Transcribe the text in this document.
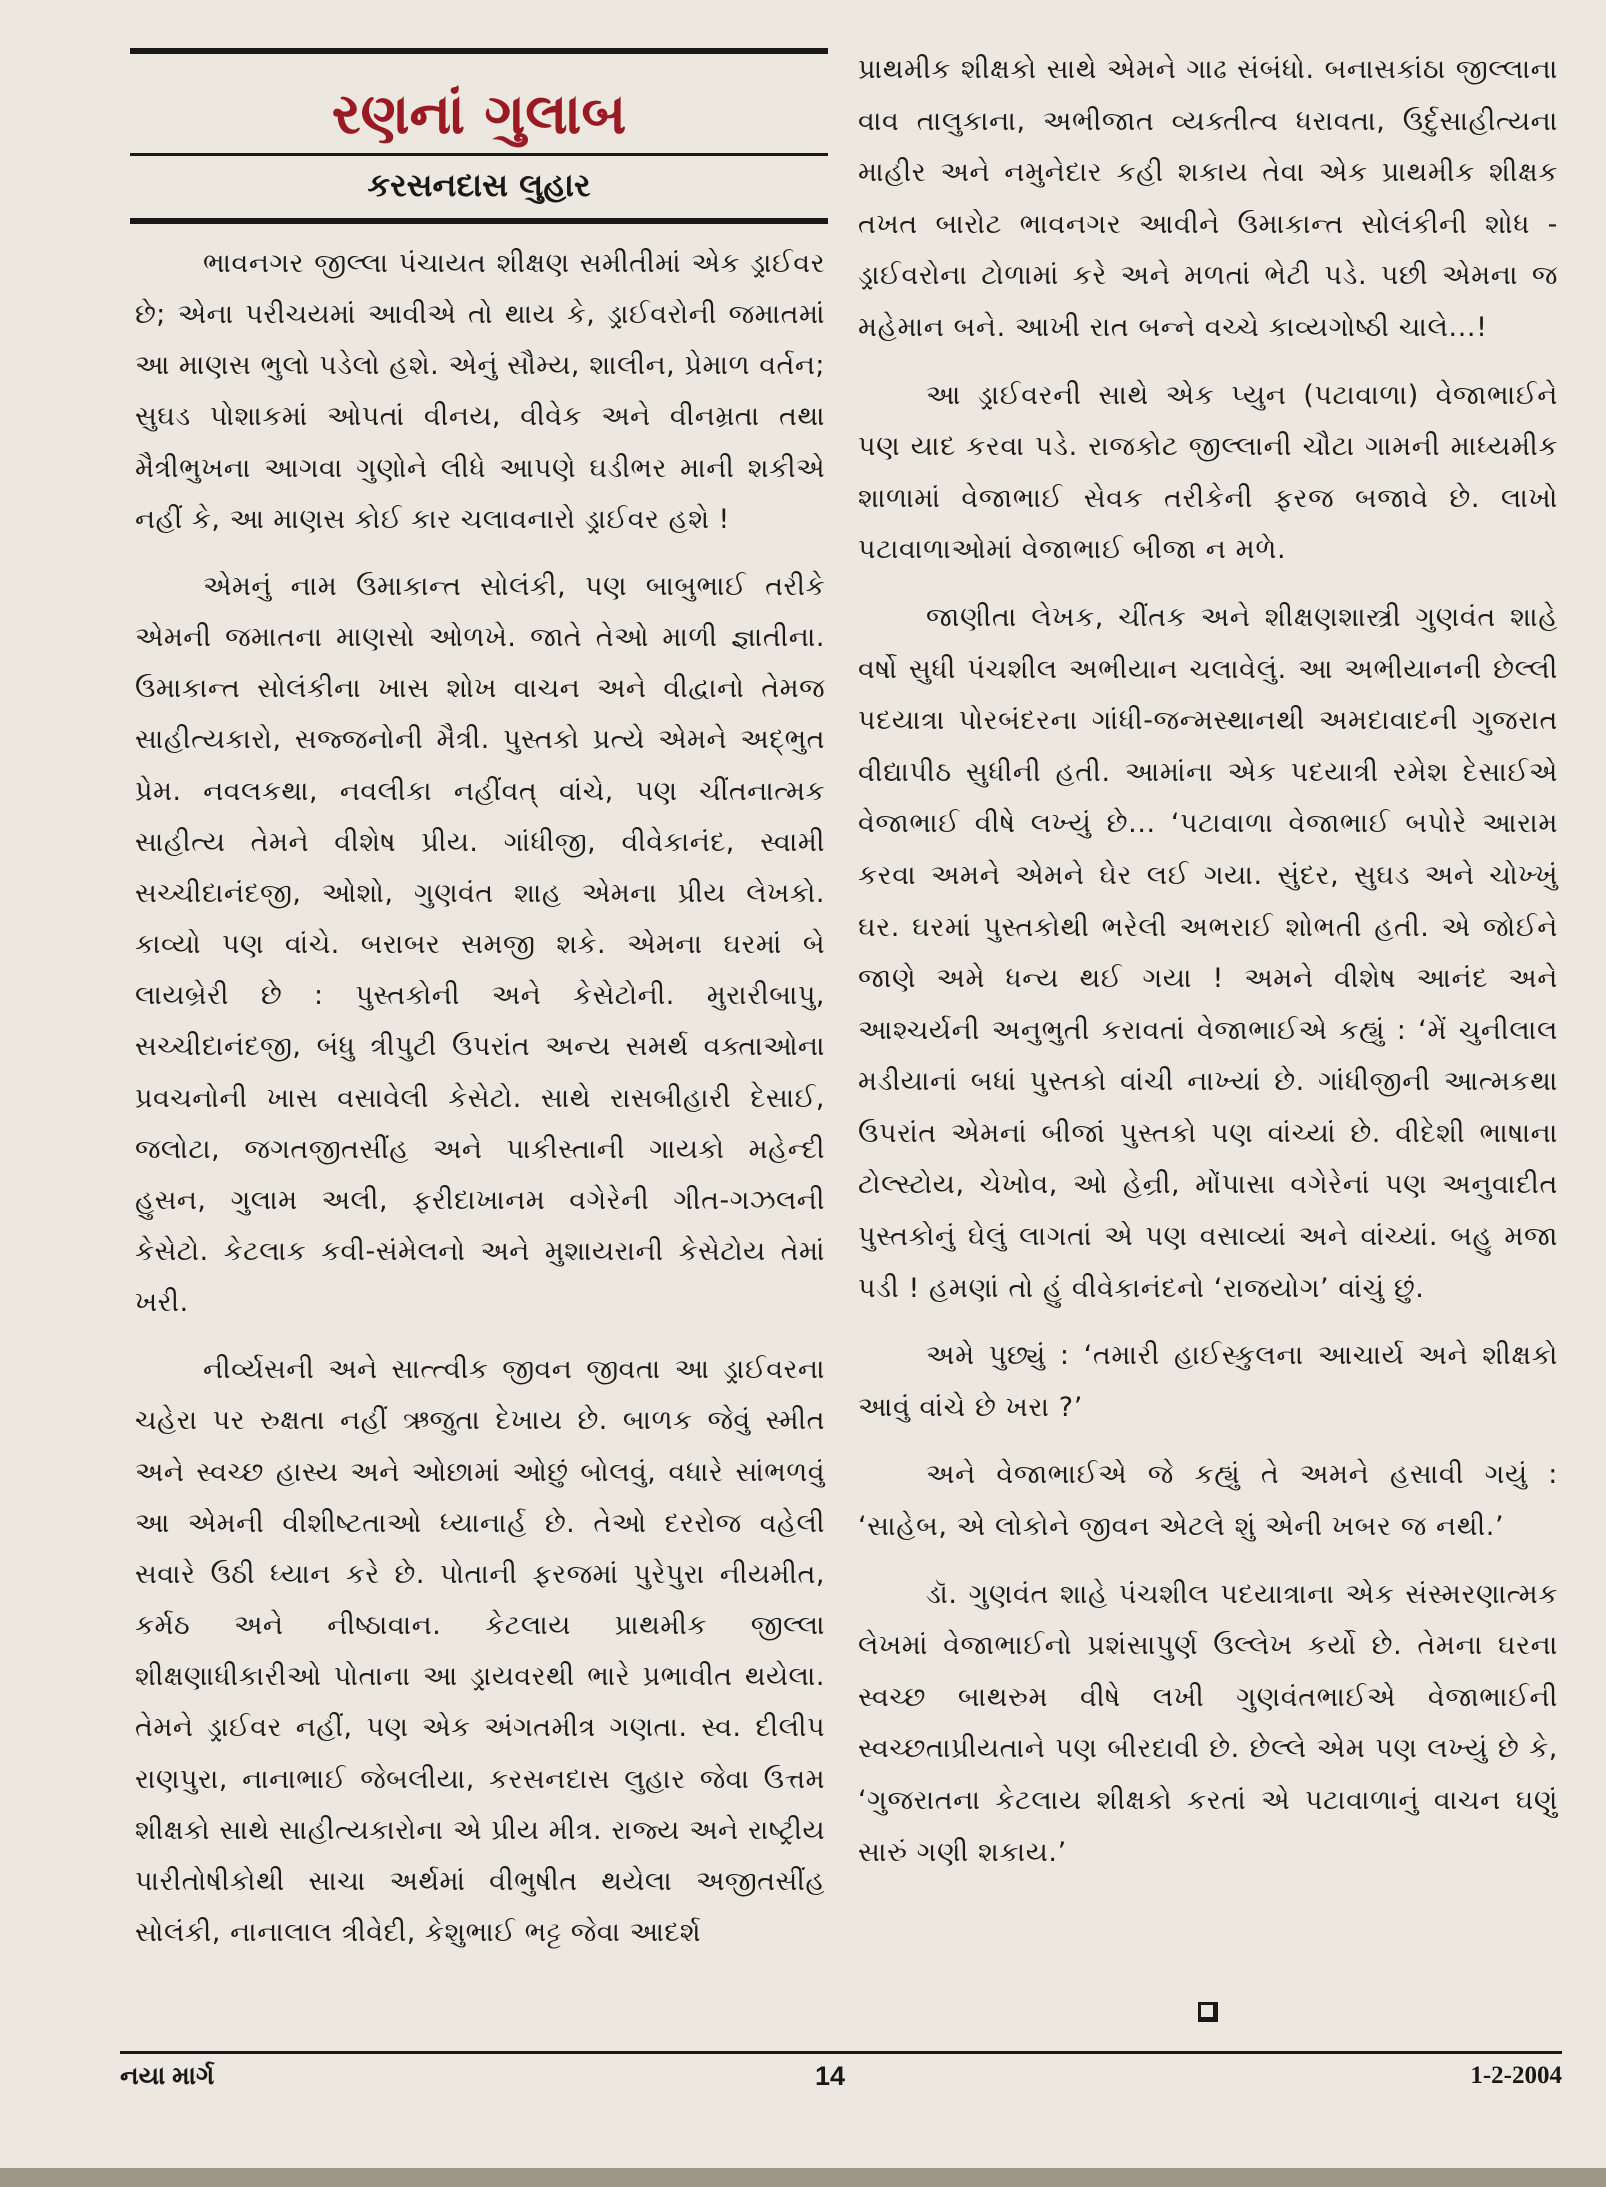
રણનાં ગુલાબ
કરસનદાસ લુહાર

ભાવનગર જીલ્લા પંચાયત શીક્ષણ સમીતીમાં એક ડ્રાઈવર છે; એના પરીચયમાં આવીએ તો થાય કે, ડ્રાઈવરોની જમાતમાં આ માણસ ભુલો પડેલો હશે. એનું સૌમ્ય, શાલીન, પ્રેમાળ વર્તન; સુઘડ પોશાકમાં ઓપતાં વીનય, વીવેક અને વીનમ્રતા તથા મૈત્રીભુખના આગવા ગુણોને લીધે આપણે ઘડીભર માની શકીએ નહીં કે, આ માણસ કોઈ કાર ચલાવનારો ડ્રાઈવર હશે !

એમનું નામ ઉમાકાન્ત સોલંકી, પણ બાબુભાઈ તરીકે એમની જમાતના માણસો ઓળખે. જાતે તેઓ માળી જ્ઞાતીના. ઉમાકાન્ત સોલંકીના ખાસ શોખ વાચન અને વીદ્વાનો તેમજ સાહીત્યકારો, સજ્જનોની મૈત્રી. પુસ્તકો પ્રત્યે એમને અદ્‌ભુત પ્રેમ. નવલકથા, નવલીકા નહીંવત્ વાંચે, પણ ચીંતનાત્મક સાહીત્ય તેમને વીશેષ પ્રીય. ગાંધીજી, વીવેકાનંદ, સ્વામી સચ્ચીદાનંદજી, ઓશો, ગુણવંત શાહ એમના પ્રીય લેખકો. કાવ્યો પણ વાંચે. બરાબર સમજી શકે. એમના ઘરમાં બે લાયબ્રેરી છે : પુસ્તકોની અને કેસેટોની. મુરારીબાપુ, સચ્ચીદાનંદજી, બંધુ ત્રીપુટી ઉપરાંત અન્ય સમર્થ વક્તાઓના પ્રવચનોની ખાસ વસાવેલી કેસેટો. સાથે રાસબીહારી દેસાઈ, જલોટા, જગતજીતસીંહ અને પાકીસ્તાની ગાયકો મહેન્દી હુસન, ગુલામ અલી, ફરીદાખાનમ વગેરેની ગીત-ગઝલની કેસેટો. કેટલાક કવી-સંમેલનો અને મુશાયરાની કેસેટોય તેમાં ખરી.

નીર્વ્યસની અને સાત્ત્વીક જીવન જીવતા આ ડ્રાઈવરના ચહેરા પર રુક્ષતા નહીં ઋજુતા દેખાય છે. બાળક જેવું સ્મીત અને સ્વચ્છ હાસ્ય અને ઓછામાં ઓછું બોલવું, વધારે સાંભળવું આ એમની વીશીષ્ટતાઓ ધ્યાનાર્હ છે. તેઓ દરરોજ વહેલી સવારે ઉઠી ધ્યાન કરે છે. પોતાની ફરજમાં પુરેપુરા નીયમીત, કર્મઠ અને નીષ્ઠાવાન. કેટલાય પ્રાથમીક જીલ્લા શીક્ષણાધીકારીઓ પોતાના આ ડ્રાયવરથી ભારે પ્રભાવીત થયેલા. તેમને ડ્રાઈવર નહીં, પણ એક અંગતમીત્ર ગણતા. સ્વ. દીલીપ રાણપુરા, નાનાભાઈ જેબલીયા, કરસનદાસ લુહાર જેવા ઉત્તમ શીક્ષકો સાથે સાહીત્યકારોના એ પ્રીય મીત્ર. રાજ્ય અને રાષ્ટ્રીય પારીતોષીકોથી સાચા અર્થમાં વીભુષીત થયેલા અજીતસીંહ સોલંકી, નાનાલાલ ત્રીવેદી, કેશુભાઈ ભટ્ટ જેવા આદર્શ

પ્રાથમીક શીક્ષકો સાથે એમને ગાઢ સંબંધો. બનાસકાંઠા જીલ્લાના વાવ તાલુકાના, અભીજાત વ્યક્તીત્વ ધરાવતા, ઉર્દુસાહીત્યના માહીર અને નમુનેદાર કહી શકાય તેવા એક પ્રાથમીક શીક્ષક તખત બારોટ ભાવનગર આવીને ઉમાકાન્ત સોલંકીની શોધ - ડ્રાઈવરોના ટોળામાં કરે અને મળતાં ભેટી પડે. પછી એમના જ મહેમાન બને. આખી રાત બન્ને વચ્ચે કાવ્યગોષ્ઠી ચાલે...!

આ ડ્રાઈવરની સાથે એક પ્યુન (પટાવાળા) વેજાભાઈને પણ યાદ કરવા પડે. રાજકોટ જીલ્લાની ચૌટા ગામની માધ્યમીક શાળામાં વેજાભાઈ સેવક તરીકેની ફરજ બજાવે છે. લાખો પટાવાળાઓમાં વેજાભાઈ બીજા ન મળે.

જાણીતા લેખક, ચીંતક અને શીક્ષણશાસ્ત્રી ગુણવંત શાહે વર્ષો સુધી પંચશીલ અભીયાન ચલાવેલું. આ અભીયાનની છેલ્લી પદયાત્રા પોરબંદરના ગાંધી-જન્મસ્થાનથી અમદાવાદની ગુજરાત વીદ્યાપીઠ સુધીની હતી. આમાંના એક પદયાત્રી રમેશ દેસાઈએ વેજાભાઈ વીષે લખ્યું છે... ‘પટાવાળા વેજાભાઈ બપોરે આરામ કરવા અમને એમને ઘેર લઈ ગયા. સુંદર, સુઘડ અને ચોખ્ખું ઘર. ઘરમાં પુસ્તકોથી ભરેલી અભરાઈ શોભતી હતી. એ જોઈને જાણે અમે ધન્ય થઈ ગયા ! અમને વીશેષ આનંદ અને આશ્ચર્યની અનુભુતી કરાવતાં વેજાભાઈએ કહ્યું : ‘મેં ચુનીલાલ મડીયાનાં બધાં પુસ્તકો વાંચી નાખ્યાં છે. ગાંધીજીની આત્મકથા ઉપરાંત એમનાં બીજાં પુસ્તકો પણ વાંચ્યાં છે. વીદેશી ભાષાના ટોલ્સ્ટોય, ચેખોવ, ઓ હેન્રી, મોંપાસા વગેરેનાં પણ અનુવાદીત પુસ્તકોનું ઘેલું લાગતાં એ પણ વસાવ્યાં અને વાંચ્યાં. બહુ મજા પડી ! હમણાં તો હું વીવેકાનંદનો ‘રાજયોગ’ વાંચું છું.

અમે પુછ્યું : ‘તમારી હાઈસ્કુલના આચાર્ય અને શીક્ષકો આવું વાંચે છે ખરા ?’

અને વેજાભાઈએ જે કહ્યું તે અમને હસાવી ગયું : ‘સાહેબ, એ લોકોને જીવન એટલે શું એની ખબર જ નથી.’

ડૉ. ગુણવંત શાહે પંચશીલ પદયાત્રાના એક સંસ્મરણાત્મક લેખમાં વેજાભાઈનો પ્રશંસાપુર્ણ ઉલ્લેખ કર્યો છે. તેમના ઘરના સ્વચ્છ બાથરુમ વીષે લખી ગુણવંતભાઈએ વેજાભાઈની સ્વચ્છતાપ્રીયતાને પણ બીરદાવી છે. છેલ્લે એમ પણ લખ્યું છે કે, ‘ગુજરાતના કેટલાય શીક્ષકો કરતાં એ પટાવાળાનું વાચન ઘણું સારું ગણી શકાય.’

નયા માર્ગ	14	1-2-2004
